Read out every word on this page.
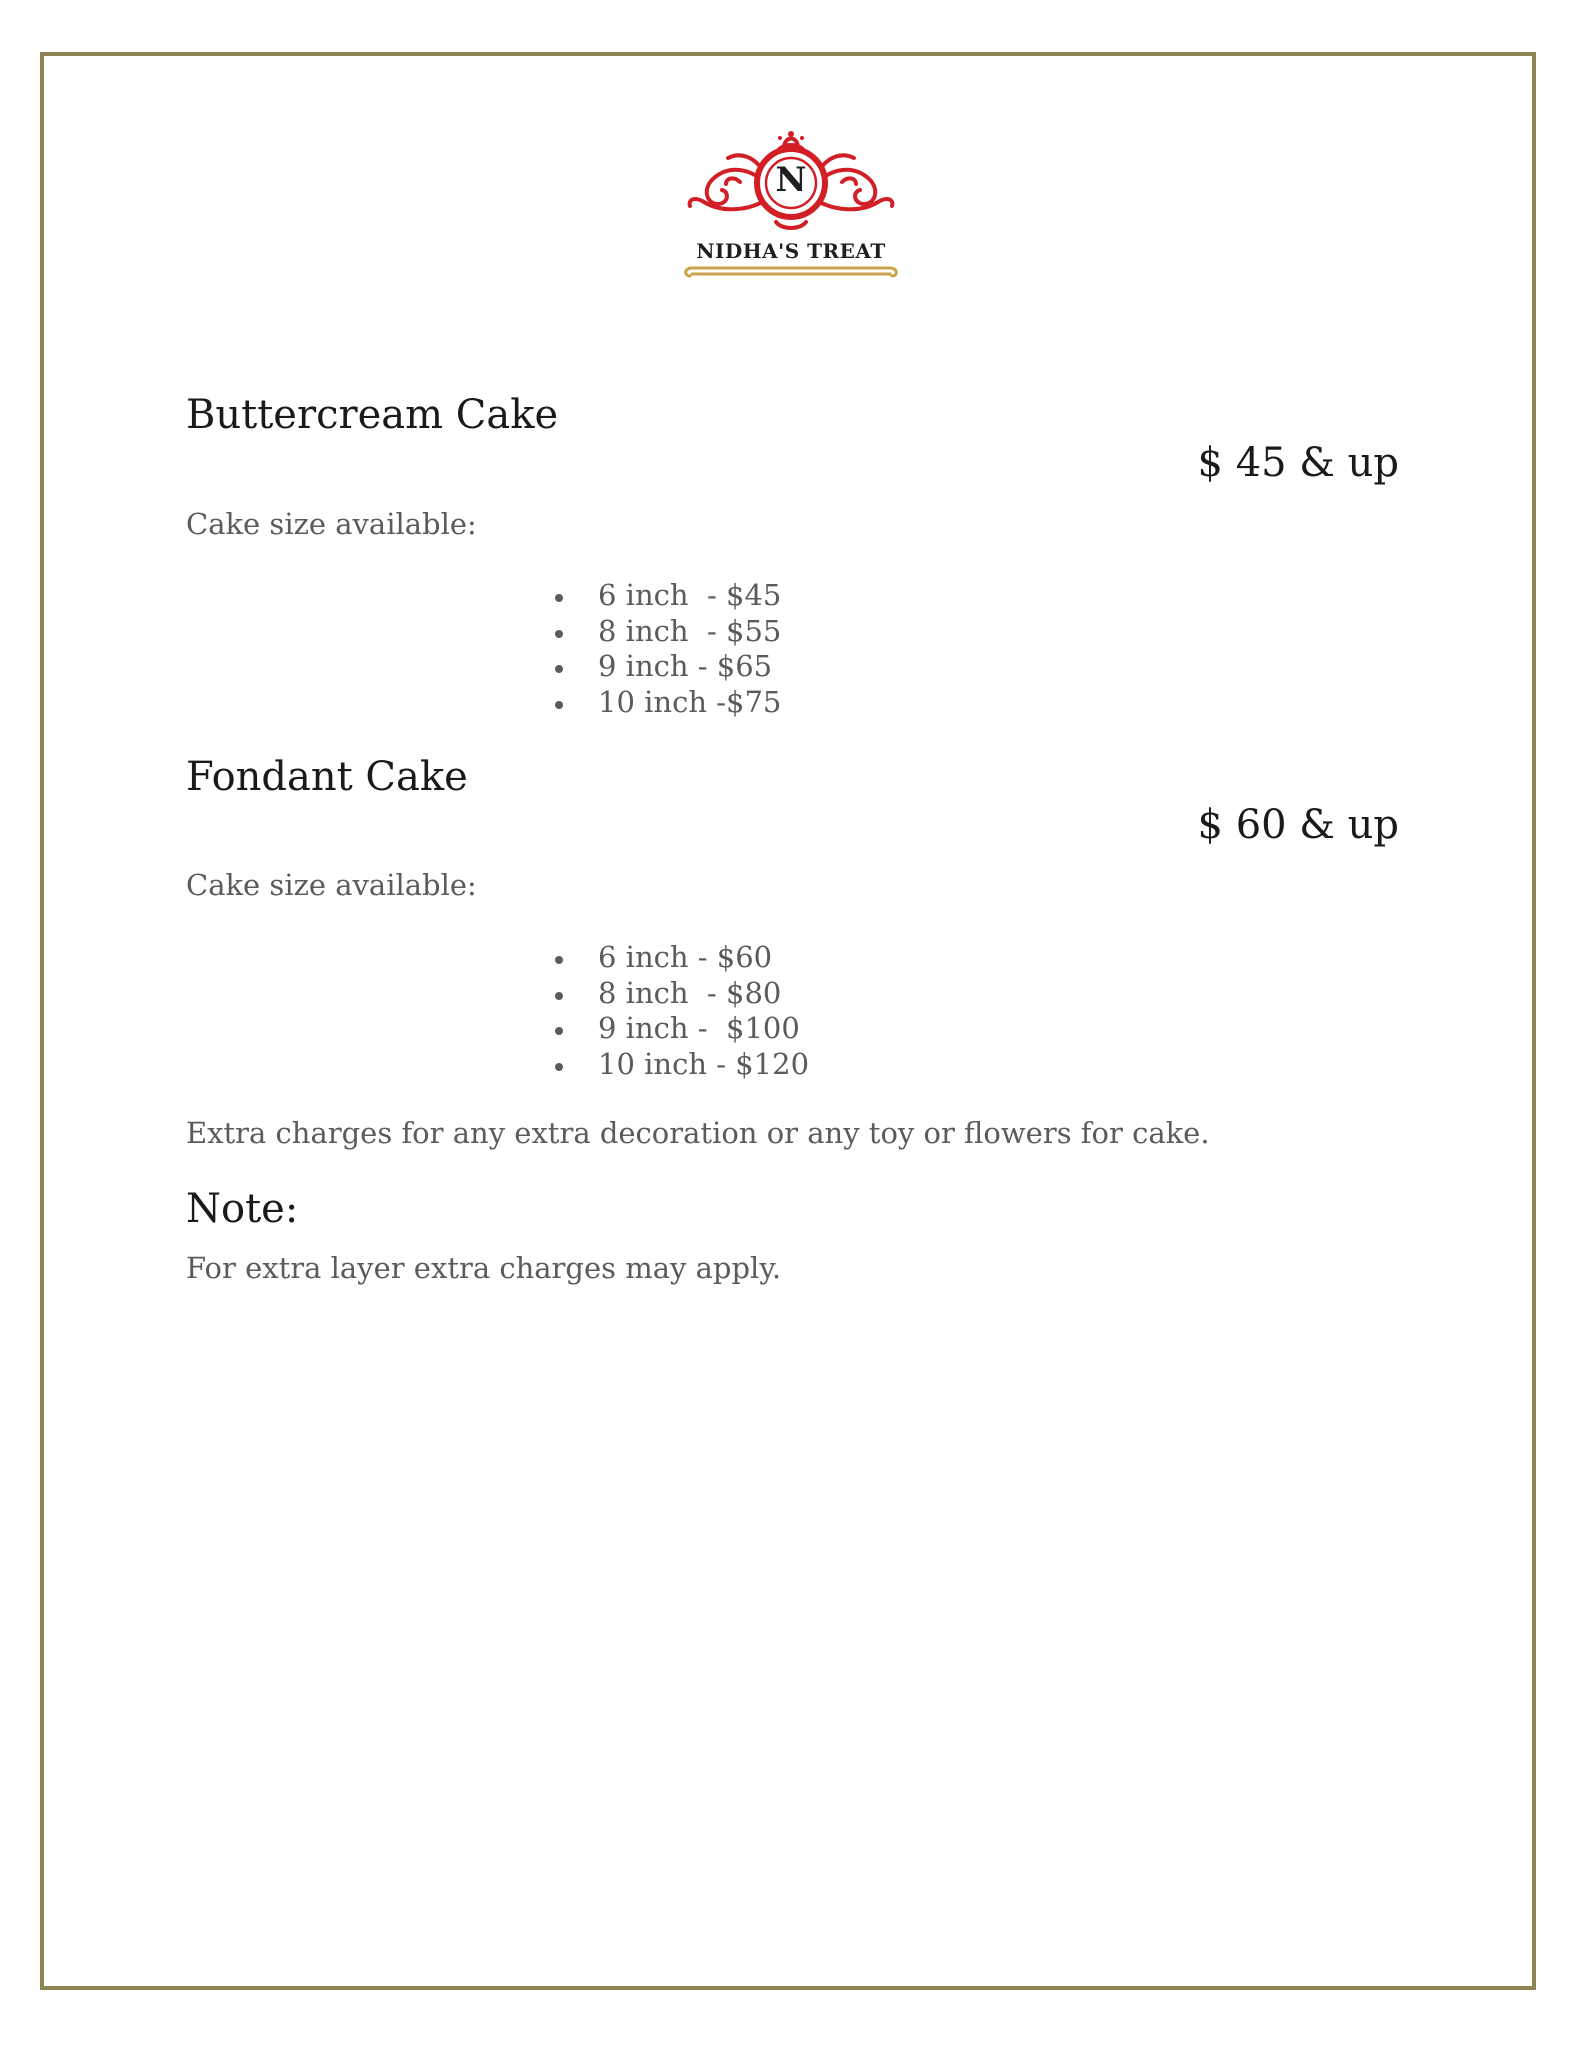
N
NIDHA'S TREAT
Buttercream Cake
$ 45 & up
Cake size available:
6 inch  - $45
8 inch  - $55
9 inch - $65
10 inch -$75
Fondant Cake
$ 60 & up
Cake size available:
6 inch - $60
8 inch  - $80
9 inch -  $100
10 inch - $120
Extra charges for any extra decoration or any toy or flowers for cake.
Note:
For extra layer extra charges may apply.
